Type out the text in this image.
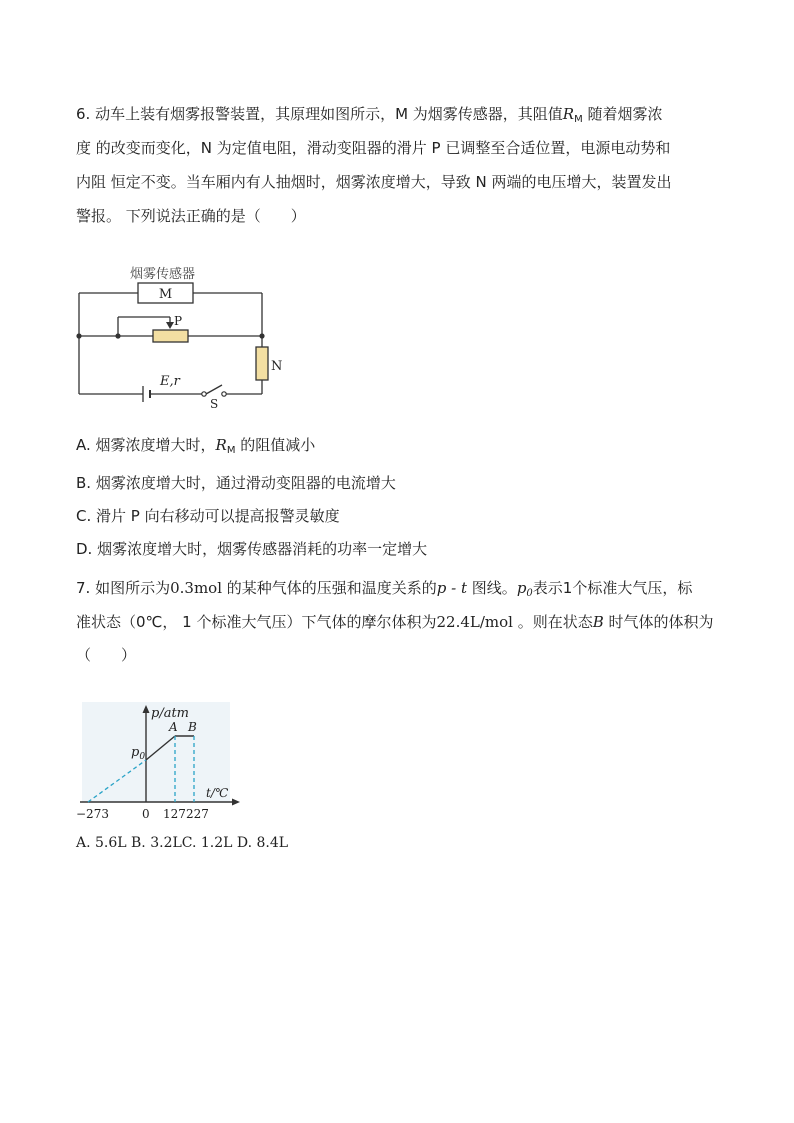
6. 动车上装有烟雾报警装置，其原理如图所示，M 为烟雾传感器，其阻值$R_M$ 随着烟雾浓
度 的改变而变化，N 为定值电阻，滑动变阻器的滑片 P 已调整至合适位置，电源电动势和
内阻 恒定不变。当车厢内有人抽烟时，烟雾浓度增大，导致 N 两端的电压增大，装置发出
警报。 下列说法正确的是（　　）
烟雾传感器
M
P
N
E,r
S
A. 烟雾浓度增大时，$R_M$ 的阻值减小
B. 烟雾浓度增大时，通过滑动变阻器的电流增大
C. 滑片 P 向右移动可以提高报警灵敏度
D. 烟雾浓度增大时，烟雾传感器消耗的功率一定增大
7. 如图所示为0.3mol 的某种气体的压强和温度关系的p - t 图线。$p_0$表示1个标准大气压，标
准状态（0℃， 1 个标准大气压）下气体的摩尔体积为22.4L/mol 。则在状态B 时气体的体积为
（　　）
p/atm
t/℃
$p_0$
A B
−273	0 127 227
A. 5.6L B. 3.2LC. 1.2L D. 8.4L
